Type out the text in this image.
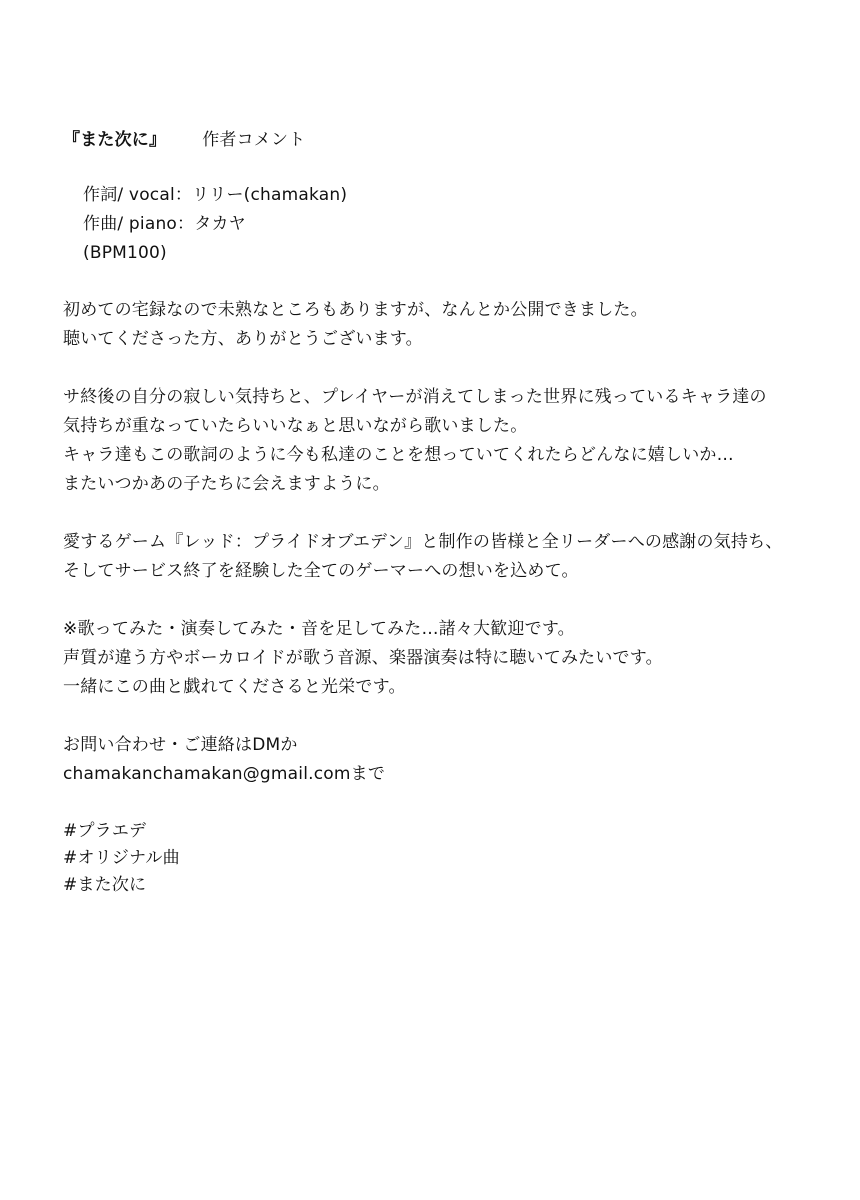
『また次に』 作者コメント
作詞/ vocal：リリー(chamakan)
作曲/ piano：タカヤ
(BPM100)
初めての宅録なので未熟なところもありますが、なんとか公開できました。
聴いてくださった方、ありがとうございます。
サ終後の自分の寂しい気持ちと、プレイヤーが消えてしまった世界に残っているキャラ達の
気持ちが重なっていたらいいなぁと思いながら歌いました。
キャラ達もこの歌詞のように今も私達のことを想っていてくれたらどんなに嬉しいか…
またいつかあの子たちに会えますように。
愛するゲーム『レッド：プライドオブエデン』と制作の皆様と全リーダーへの感謝の気持ち、
そしてサービス終了を経験した全てのゲーマーへの想いを込めて。
※歌ってみた・演奏してみた・音を足してみた…諸々大歓迎です。
声質が違う方やボーカロイドが歌う音源、楽器演奏は特に聴いてみたいです。
一緒にこの曲と戯れてくださると光栄です。
お問い合わせ・ご連絡はDMか
chamakanchamakan@gmail.comまで
#プラエデ
#オリジナル曲
#また次に
